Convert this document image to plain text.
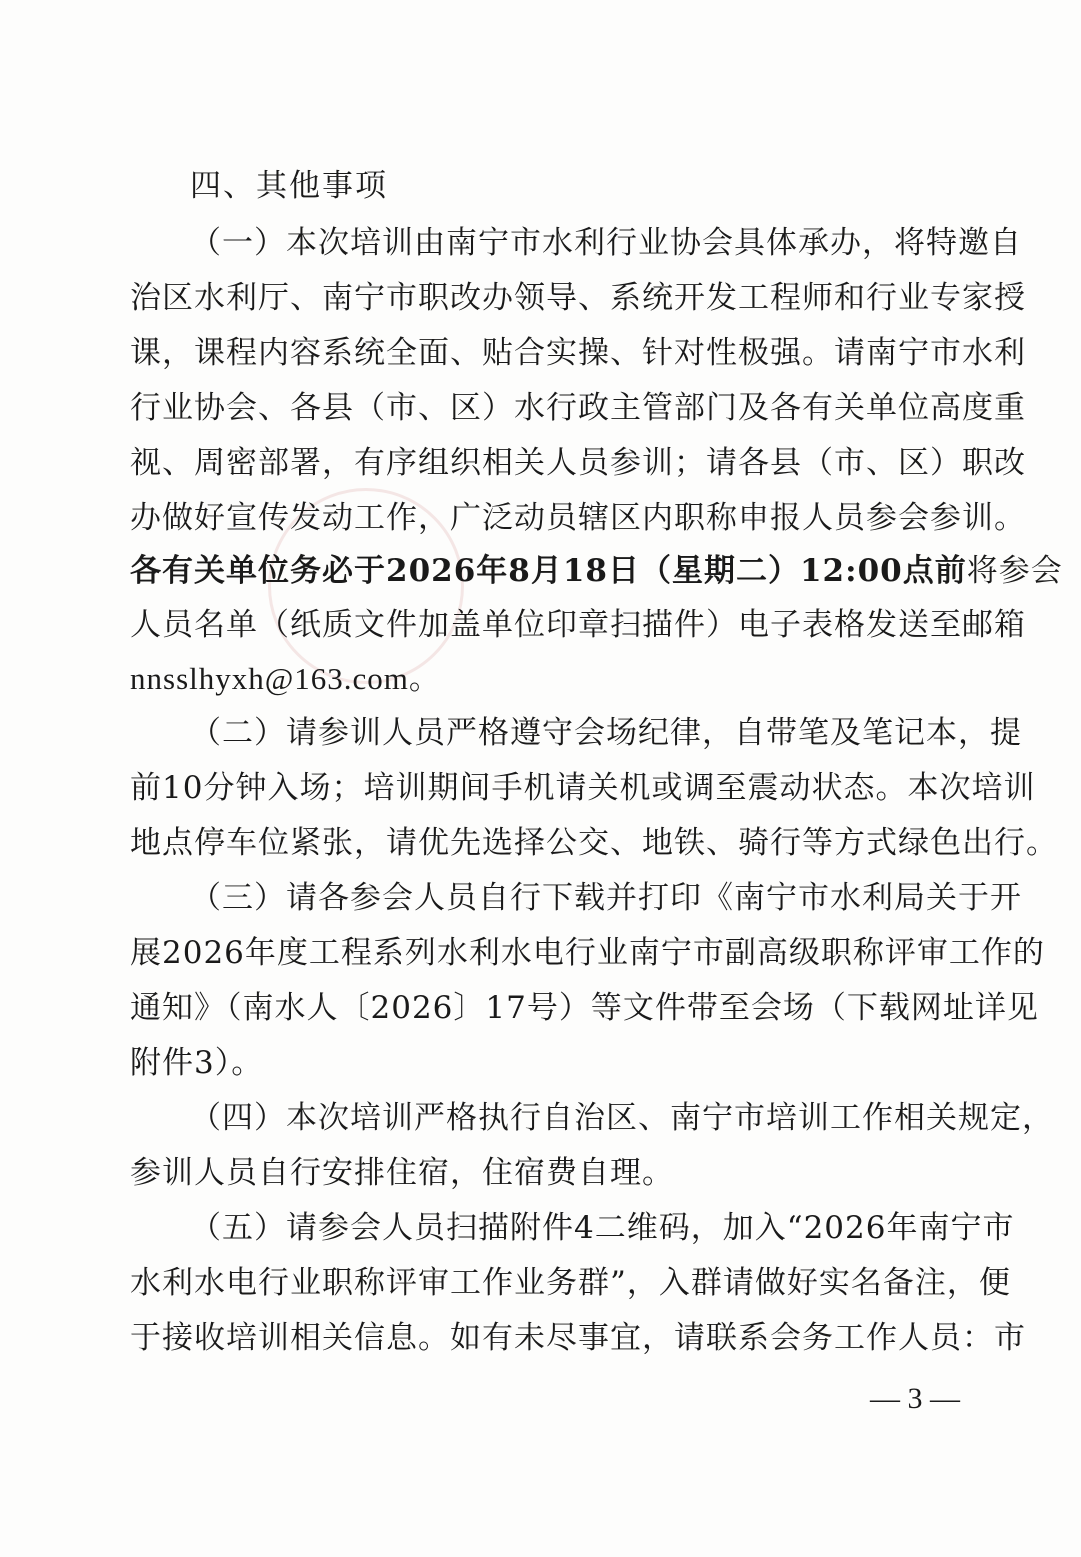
四、其他事项
（一）本次培训由南宁市水利行业协会具体承办，将特邀自
治区水利厅、南宁市职改办领导、系统开发工程师和行业专家授
课，课程内容系统全面、贴合实操、针对性极强。请南宁市水利
行业协会、各县（市、区）水行政主管部门及各有关单位高度重
视、周密部署，有序组织相关人员参训；请各县（市、区）职改
办做好宣传发动工作，广泛动员辖区内职称申报人员参会参训。
各有关单位务必于2026年8月18日（星期二）12:00点前将参会
人员名单（纸质文件加盖单位印章扫描件）电子表格发送至邮箱
nnsslhyxh@163.com。
（二）请参训人员严格遵守会场纪律，自带笔及笔记本，提
前10分钟入场；培训期间手机请关机或调至震动状态。本次培训
地点停车位紧张，请优先选择公交、地铁、骑行等方式绿色出行。
（三）请各参会人员自行下载并打印《南宁市水利局关于开
展2026年度工程系列水利水电行业南宁市副高级职称评审工作的
通知》（南水人〔2026〕17号）等文件带至会场（下载网址详见
附件3）。
（四）本次培训严格执行自治区、南宁市培训工作相关规定，
参训人员自行安排住宿，住宿费自理。
（五）请参会人员扫描附件4二维码，加入“2026年南宁市
水利水电行业职称评审工作业务群”，入群请做好实名备注，便
于接收培训相关信息。如有未尽事宜，请联系会务工作人员：市
— 3 —
